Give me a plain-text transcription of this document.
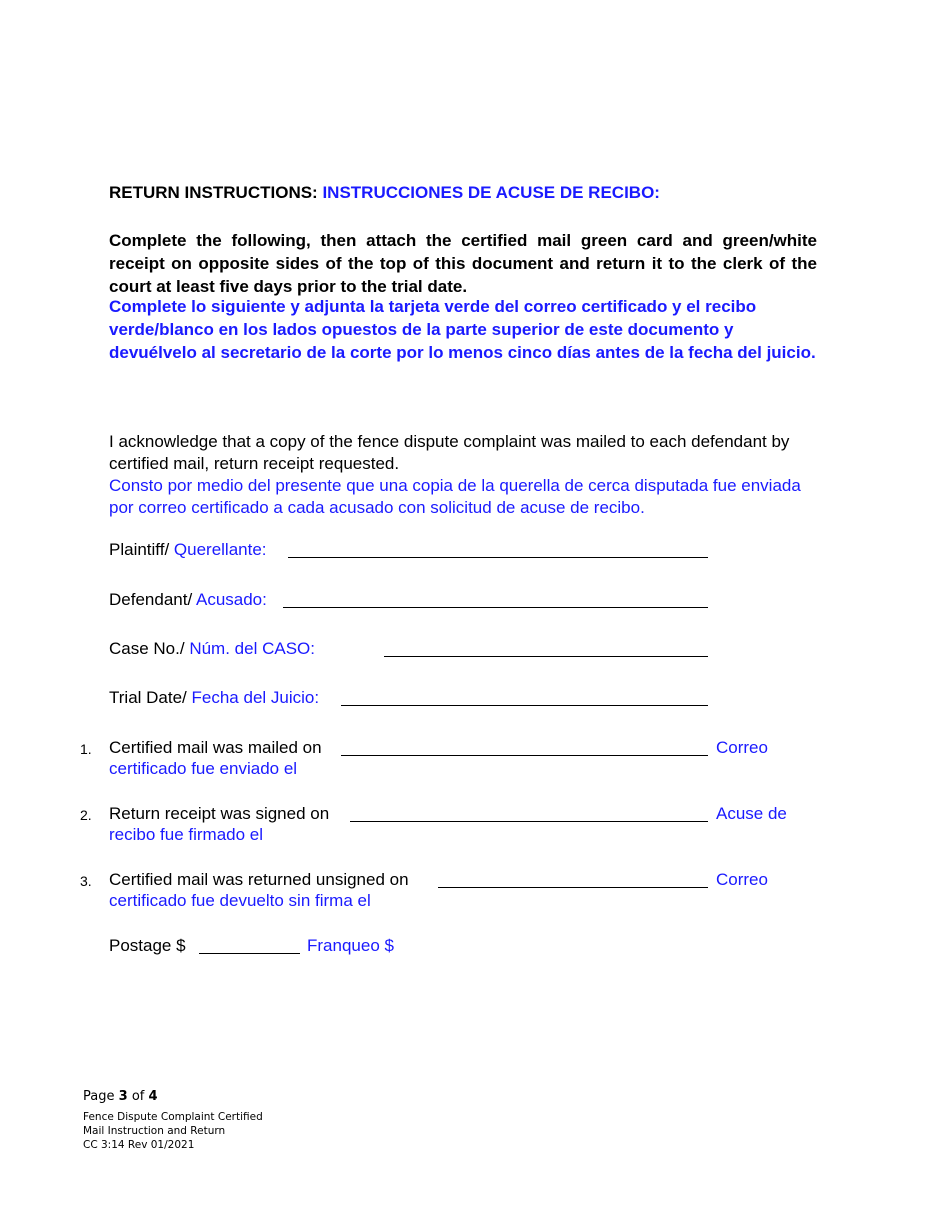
RETURN INSTRUCTIONS: INSTRUCCIONES DE ACUSE DE RECIBO:
Complete the following, then attach the certified mail green card and green/white receipt on opposite sides of the top of this document and return it to the clerk of the court at least five days prior to the trial date.
Complete lo siguiente y adjunta la tarjeta verde del correo certificado y el recibo verde/blanco en los lados opuestos de la parte superior de este documento y devuélvelo al secretario de la corte por lo menos cinco días antes de la fecha del juicio.
I acknowledge that a copy of the fence dispute complaint was mailed to each defendant by certified mail, return receipt requested.
Consto por medio del presente que una copia de la querella de cerca disputada fue enviada por correo certificado a cada acusado con solicitud de acuse de recibo.
Plaintiff/ Querellante:
Defendant/ Acusado:
Case No./ Núm. del CASO:
Trial Date/ Fecha del Juicio:
1. Certified mail was mailed on	Correo
certificado fue enviado el
2. Return receipt was signed on	Acuse de
recibo fue firmado el
3. Certified mail was returned unsigned on	Correo
certificado fue devuelto sin firma el
Postage $	Franqueo $
Page 3 of 4
Fence Dispute Complaint Certified
Mail Instruction and Return
CC 3:14 Rev 01/2021
